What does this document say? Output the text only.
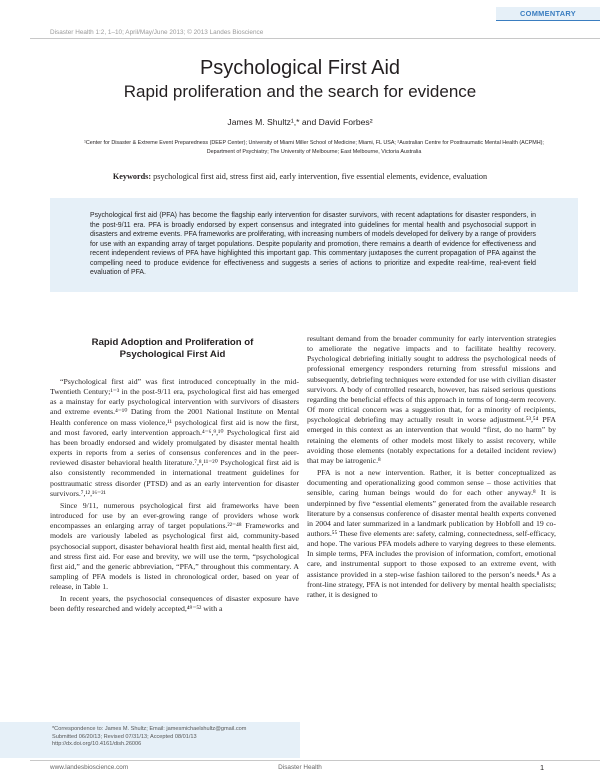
COMMENTARY
Disaster Health 1:2, 1–10; April/May/June 2013; © 2013 Landes Bioscience
Psychological First Aid
Rapid proliferation and the search for evidence
James M. Shultz¹,* and David Forbes²
¹Center for Disaster & Extreme Event Preparedness (DEEP Center); University of Miami Miller School of Medicine; Miami, FL USA; ²Australian Centre for Posttraumatic Mental Health (ACPMH); Department of Psychiatry; The University of Melbourne; East Melbourne, Victoria Australia
Keywords: psychological first aid, stress first aid, early intervention, five essential elements, evidence, evaluation
Psychological first aid (PFA) has become the flagship early intervention for disaster survivors, with recent adaptations for disaster responders, in the post-9/11 era. PFA is broadly endorsed by expert consensus and integrated into guidelines for mental health and psychosocial support in disasters and extreme events. PFA frameworks are proliferating, with increasing numbers of models developed for delivery by a range of providers for use with an expanding array of target populations. Despite popularity and promotion, there remains a dearth of evidence for effectiveness and recent independent reviews of PFA have highlighted this important gap. This commentary juxtaposes the current propagation of PFA against the compelling need to produce evidence for effectiveness and suggests a series of actions to prioritize and expedite real-time, real-event field evaluation of PFA.
Rapid Adoption and Proliferation of Psychological First Aid

“Psychological first aid” was first introduced conceptually in the mid-Twentieth Century;¹⁻³ in the post-9/11 era, psychological first aid has emerged as a mainstay for early psychological intervention with survivors of disasters and extreme events.⁴⁻¹⁰ Dating from the 2001 National Institute on Mental Health conference on mass violence,¹¹ psychological first aid is now the first, and most favored, early intervention approach.⁴⁻⁶,⁹,¹⁰ Psychological first aid has been broadly endorsed and widely promulgated by disaster mental health experts in reports from a series of consensus conferences and in the peer-reviewed disaster behavioral health literature.⁷,⁸,¹¹⁻²⁰ Psychological first aid is also consistently recommended in international treatment guidelines for posttraumatic stress disorder (PTSD) and as an early intervention for disaster survivors.⁷,¹²,¹⁶⁻²¹

Since 9/11, numerous psychological first aid frameworks have been introduced for use by an ever-growing range of providers whose work encompasses an enlarging array of target populations.²²⁻⁴⁸ Frameworks and models are variously labeled as psychological first aid, community-based psychosocial support, disaster behavioral health first aid, mental health first aid, and stress first aid. For ease and brevity, we will use the term, “psychological first aid,” and the generic abbreviation, “PFA,” throughout this commentary. A sampling of PFA models is listed in chronological order, based on year of release, in Table 1.

In recent years, the psychosocial consequences of disaster exposure have been deftly researched and widely accepted,⁴⁹⁻⁵² with a

resultant demand from the broader community for early intervention strategies to ameliorate the negative impacts and to facilitate healthy recovery. Psychological debriefing initially sought to address the psychological needs of professional emergency responders returning from stressful missions and subsequently, debriefing techniques were extended for use with civilian disaster survivors. A body of controlled research, however, has raised serious questions regarding the beneficial effects of this approach in terms of long-term recovery. Of more critical concern was a suggestion that, for a minority of recipients, psychological debriefing may actually result in worse adjustment.⁵³,⁵⁴ PFA emerged in this context as an intervention that would “first, do no harm” by retaining the elements of other models most likely to assist recovery, while avoiding those elements (notably expectations for a detailed incident review) that may be iatrogenic.⁸

PFA is not a new intervention. Rather, it is better conceptualized as documenting and operationalizing good common sense – those activities that sensible, caring human beings would do for each other anyway.⁸ It is underpinned by five “essential elements” generated from the available research literature by a consensus conference of disaster mental health experts convened in 2004 and later summarized in a landmark publication by Hobfoll and 19 co-authors.⁵⁵ These five elements are: safety, calming, connectedness, self-efficacy, and hope. The various PFA models adhere to varying degrees to these elements. In simple terms, PFA includes the provision of information, comfort, emotional care, and instrumental support to those exposed to an extreme event, with assistance provided in a step-wise fashion tailored to the person’s needs.⁸ As a front-line strategy, PFA is not intended for delivery by mental health specialists; rather, it is designed to

*Correspondence to: James M. Shultz; Email: jamesmichaelshultz@gmail.com
Submitted 06/20/13; Revised 07/31/13; Accepted 08/01/13
http://dx.doi.org/10.4161/dish.26006
www.landesbioscience.com	Disaster Health	1
